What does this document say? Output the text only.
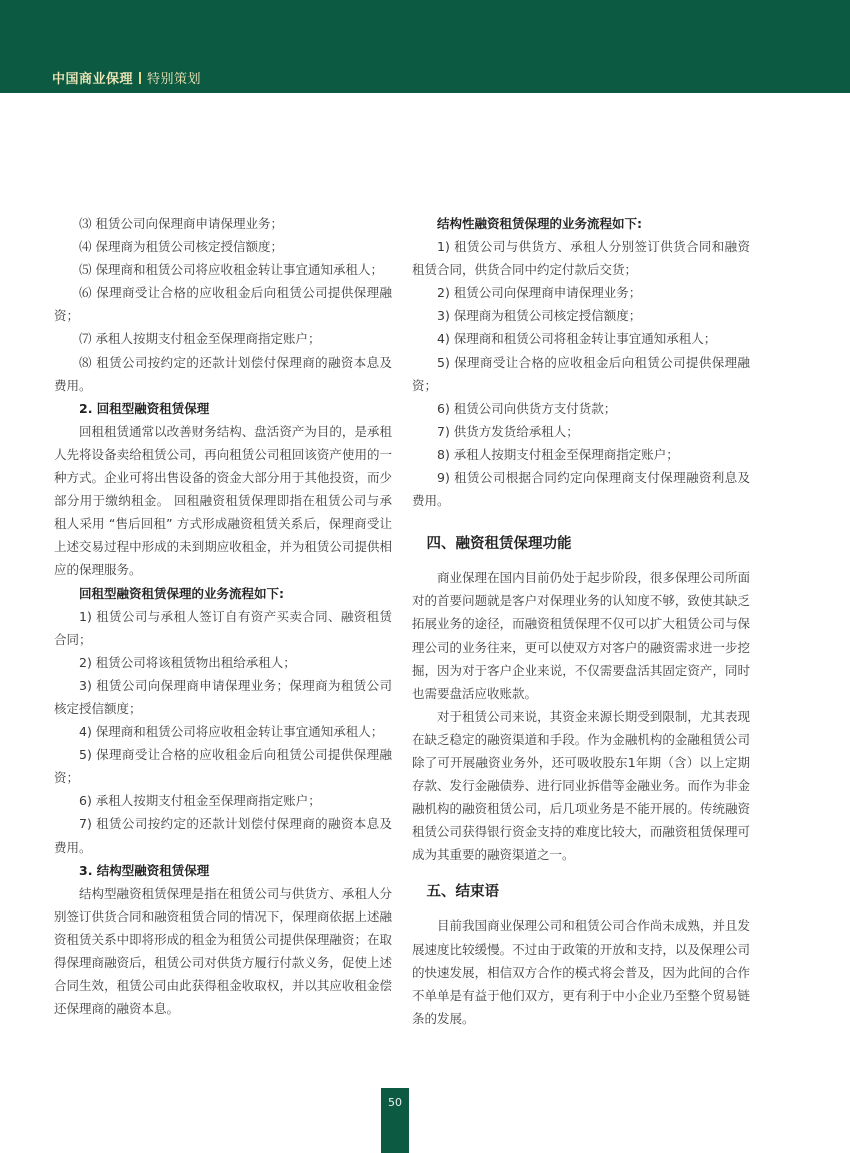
中国商业保理 特别策划

⑶ 租赁公司向保理商申请保理业务；

⑷ 保理商为租赁公司核定授信额度；

⑸ 保理商和租赁公司将应收租金转让事宜通知承租人；

⑹ 保理商受让合格的应收租金后向租赁公司提供保理融资；

⑺ 承租人按期支付租金至保理商指定账户；

⑻ 租赁公司按约定的还款计划偿付保理商的融资本息及费用。

2. 回租型融资租赁保理

回租租赁通常以改善财务结构、盘活资产为目的，是承租人先将设备卖给租赁公司，再向租赁公司租回该资产使用的一种方式。企业可将出售设备的资金大部分用于其他投资，而少部分用于缴纳租金。 回租融资租赁保理即指在租赁公司与承租人采用 “售后回租” 方式形成融资租赁关系后，保理商受让上述交易过程中形成的未到期应收租金，并为租赁公司提供相应的保理服务。

回租型融资租赁保理的业务流程如下:

1) 租赁公司与承租人签订自有资产买卖合同、融资租赁合同；

2) 租赁公司将该租赁物出租给承租人；

3) 租赁公司向保理商申请保理业务；保理商为租赁公司核定授信额度；

4) 保理商和租赁公司将应收租金转让事宜通知承租人；

5) 保理商受让合格的应收租金后向租赁公司提供保理融资；

6) 承租人按期支付租金至保理商指定账户；

7) 租赁公司按约定的还款计划偿付保理商的融资本息及费用。

3. 结构型融资租赁保理

结构型融资租赁保理是指在租赁公司与供货方、承租人分别签订供货合同和融资租赁合同的情况下，保理商依据上述融资租赁关系中即将形成的租金为租赁公司提供保理融资；在取得保理商融资后，租赁公司对供货方履行付款义务，促使上述合同生效，租赁公司由此获得租金收取权，并以其应收租金偿还保理商的融资本息。

结构性融资租赁保理的业务流程如下:

1) 租赁公司与供货方、承租人分别签订供货合同和融资租赁合同，供货合同中约定付款后交货；

2) 租赁公司向保理商申请保理业务；

3) 保理商为租赁公司核定授信额度；

4) 保理商和租赁公司将租金转让事宜通知承租人；

5) 保理商受让合格的应收租金后向租赁公司提供保理融资；

6) 租赁公司向供货方支付货款；

7) 供货方发货给承租人；

8) 承租人按期支付租金至保理商指定账户；

9) 租赁公司根据合同约定向保理商支付保理融资利息及费用。

四、融资租赁保理功能

商业保理在国内目前仍处于起步阶段，很多保理公司所面对的首要问题就是客户对保理业务的认知度不够，致使其缺乏拓展业务的途径，而融资租赁保理不仅可以扩大租赁公司与保理公司的业务往来，更可以使双方对客户的融资需求进一步挖掘，因为对于客户企业来说，不仅需要盘活其固定资产，同时也需要盘活应收账款。

对于租赁公司来说，其资金来源长期受到限制，尤其表现在缺乏稳定的融资渠道和手段。作为金融机构的金融租赁公司除了可开展融资业务外，还可吸收股东1年期（含）以上定期存款、发行金融债券、进行同业拆借等金融业务。而作为非金融机构的融资租赁公司，后几项业务是不能开展的。传统融资租赁公司获得银行资金支持的难度比较大，而融资租赁保理可成为其重要的融资渠道之一。

五、结束语

目前我国商业保理公司和租赁公司合作尚未成熟，并且发展速度比较缓慢。不过由于政策的开放和支持，以及保理公司的快速发展，相信双方合作的模式将会普及，因为此间的合作不单单是有益于他们双方，更有利于中小企业乃至整个贸易链条的发展。

50
